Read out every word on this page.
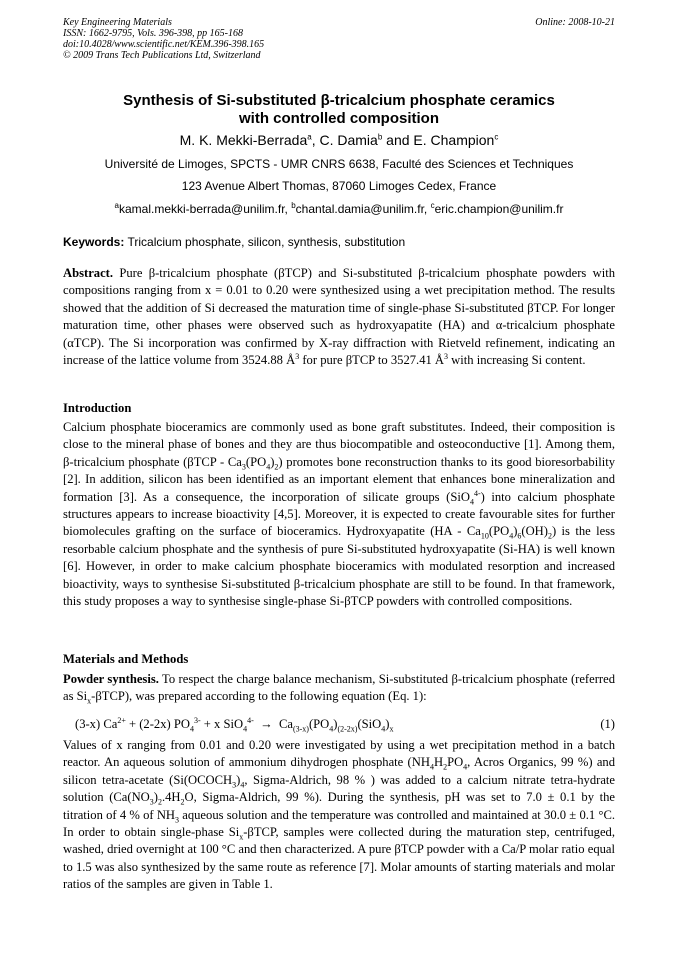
Key Engineering Materials	Online: 2008-10-21
ISSN: 1662-9795, Vols. 396-398, pp 165-168
doi:10.4028/www.scientific.net/KEM.396-398.165
© 2009 Trans Tech Publications Ltd, Switzerland
Synthesis of Si-substituted β-tricalcium phosphate ceramics
with controlled composition
M. K. Mekki-Berrada$^a$, C. Damia$^b$ and E. Champion$^c$
Université de Limoges, SPCTS - UMR CNRS 6638, Faculté des Sciences et Techniques
123 Avenue Albert Thomas, 87060 Limoges Cedex, France
$^a$kamal.mekki-berrada@unilim.fr, $^b$chantal.damia@unilim.fr, $^c$eric.champion@unilim.fr
Keywords: Tricalcium phosphate, silicon, synthesis, substitution
Abstract. Pure β-tricalcium phosphate (βTCP) and Si-substituted β-tricalcium phosphate powders with compositions ranging from x = 0.01 to 0.20 were synthesized using a wet precipitation method. The results showed that the addition of Si decreased the maturation time of single-phase Si-substituted βTCP. For longer maturation time, other phases were observed such as hydroxyapatite (HA) and α-tricalcium phosphate (αTCP). The Si incorporation was confirmed by X-ray diffraction with Rietveld refinement, indicating an increase of the lattice volume from 3524.88 $Å^3$ for pure βTCP to 3527.41 $Å^3$ with increasing Si content.
Introduction
Calcium phosphate bioceramics are commonly used as bone graft substitutes. Indeed, their composition is close to the mineral phase of bones and they are thus biocompatible and osteoconductive [1]. Among them, β-tricalcium phosphate $(\beta TCP - Ca_3(PO_4)_2)$ promotes bone reconstruction thanks to its good bioresorbability [2]. In addition, silicon has been identified as an important element that enhances bone mineralization and formation [3]. As a consequence, the incorporation of silicate groups (SiO$_4^{4-}$) into calcium phosphate structures appears to increase bioactivity [4,5]. Moreover, it is expected to create favourable sites for further biomolecules grafting on the surface of bioceramics. Hydroxyapatite $(HA - Ca_{10}(PO_4)_6(OH)_2)$ is the less resorbable calcium phosphate and the synthesis of pure Si-substituted hydroxyapatite (Si-HA) is well known [6]. However, in order to make calcium phosphate bioceramics with modulated resorption and increased bioactivity, ways to synthesise Si-substituted β-tricalcium phosphate are still to be found. In that framework, this study proposes a way to synthesise single-phase Si-βTCP powders with controlled compositions.
Materials and Methods
Powder synthesis. To respect the charge balance mechanism, Si-substituted β-tricalcium phosphate (referred as $Si_x-\beta TCP$), was prepared according to the following equation (Eq. 1):
(3-x) $Ca^{2+} + (2-2x) PO_4^{3-} + x$ $SiO_4^{4-} \to Ca_{(3-x)}(PO_4)_{(2-2x)}(SiO_4)_x$	(1)
Values of x ranging from 0.01 and 0.20 were investigated by using a wet precipitation method in a batch reactor. An aqueous solution of ammonium dihydrogen phosphate ($NH_4H_2PO_4$, Acros Organics, 99 %) and silicon tetra-acetate ($Si(OCOCH_3)_4$, Sigma-Aldrich, 98 % ) was added to a calcium nitrate tetra-hydrate solution ($Ca(NO_3)_2.4H_2O$, Sigma-Aldrich, 99 %). During the synthesis, pH was set to 7.0 ± 0.1 by the titration of 4 % of $NH_3$ aqueous solution and the temperature was controlled and maintained at 30.0 ± 0.1 °C. In order to obtain single-phase $Si_x$-βTCP, samples were collected during the maturation step, centrifuged, washed, dried overnight at 100 °C and then characterized. A pure βTCP powder with a Ca/P molar ratio equal to 1.5 was also synthesized by the same route as reference [7]. Molar amounts of starting materials and molar ratios of the samples are given in Table 1.
